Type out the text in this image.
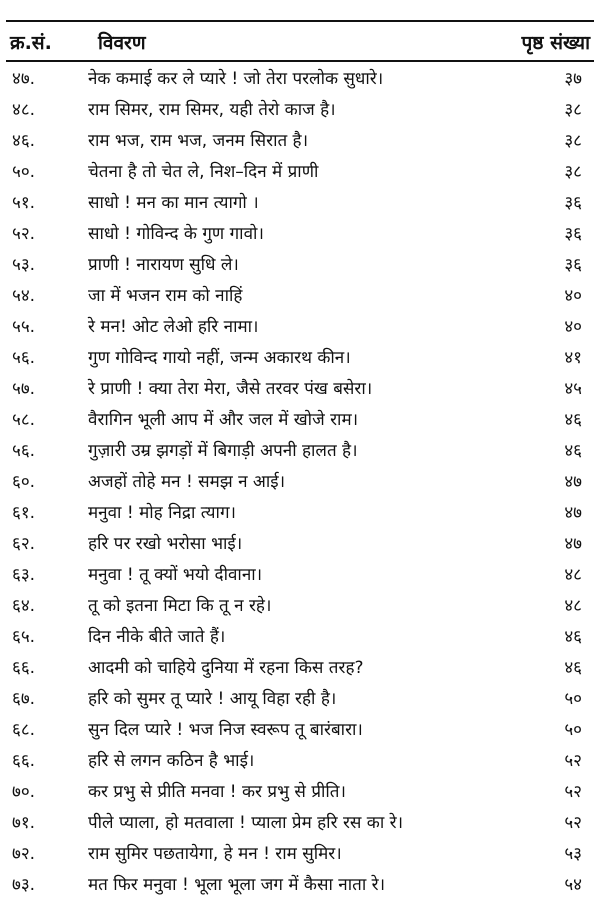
क्र.सं. विवरण	पृष्ठ संख्या
४७.	नेक कमाई कर ले प्यारे ! जो तेरा परलोक सुधारे।	३७
४८.	राम सिमर, राम सिमर, यही तेरो काज है।	३८
४६.	राम भज, राम भज, जनम सिरात है।	३८
५०.	चेतना है तो चेत ले, निश–दिन में प्राणी	३८
५१.	साधो ! मन का मान त्यागो ।	३६
५२.	साधो ! गोविन्द के गुण गावो।	३६
५३.	प्राणी ! नारायण सुधि ले।	३६
५४.	जा में भजन राम को नाहिं	४०
५५.	रे मन! ओट लेओ हरि नामा।	४०
५६.	गुण गोविन्द गायो नहीं, जन्म अकारथ कीन।	४१
५७.	रे प्राणी ! क्या तेरा मेरा, जैसे तरवर पंख बसेरा।	४५
५८.	वैरागिन भूली आप में और जल में खोजे राम।	४६
५६.	गुज़ारी उम्र झगड़ों में बिगाड़ी अपनी हालत है।	४६
६०.	अजहों तोहे मन ! समझ न आई।	४७
६१.	मनुवा ! मोह निद्रा त्याग।	४७
६२.	हरि पर रखो भरोसा भाई।	४७
६३.	मनुवा ! तू क्यों भयो दीवाना।	४८
६४.	तू को इतना मिटा कि तू न रहे।	४८
६५.	दिन नीके बीते जाते हैं।	४६
६६.	आदमी को चाहिये दुनिया में रहना किस तरह?	४६
६७.	हरि को सुमर तू प्यारे ! आयू विहा रही है।	५०
६८.	सुन दिल प्यारे ! भज निज स्वरूप तू बारंबारा।	५०
६६.	हरि से लगन कठिन है भाई।	५२
७०.	कर प्रभु से प्रीति मनवा ! कर प्रभु से प्रीति।	५२
७१.	पीले प्याला, हो मतवाला ! प्याला प्रेम हरि रस का रे।	५२
७२.	राम सुमिर पछतायेगा, हे मन ! राम सुमिर।	५३
७३.	मत फिर मनुवा ! भूला भूला जग में कैसा नाता रे।	५४
